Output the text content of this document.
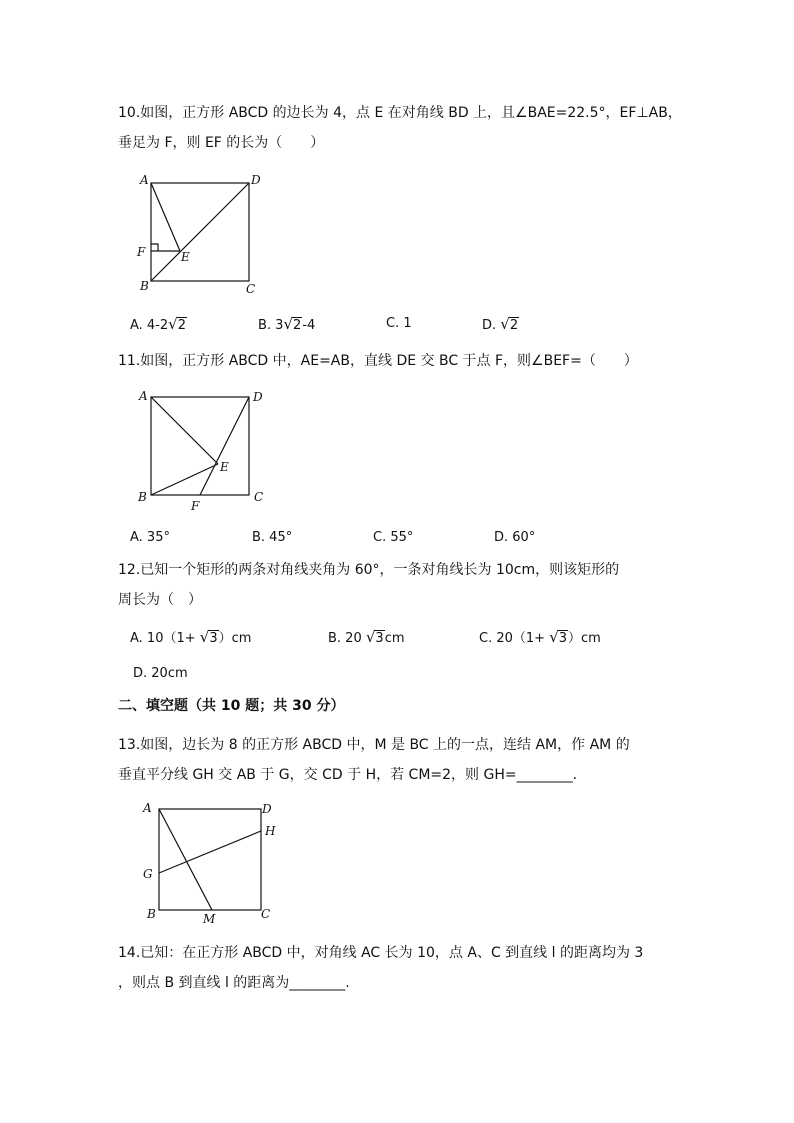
10.如图，正方形 ABCD 的边长为 4，点 E 在对角线 BD 上，且∠BAE=22.5°，EF⊥AB，
垂足为 F，则 EF 的长为（　　）
A	D
F	E
B	C
A. 4-2√2	B. 3√2-4	C. 1	D. √2
11.如图，正方形 ABCD 中，AE=AB，直线 DE 交 BC 于点 F，则∠BEF=（　　）
A	D
E
B	C
F
A. 35°	B. 45°	C. 55°	D. 60°
12.已知一个矩形的两条对角线夹角为 60°，一条对角线长为 10cm，则该矩形的
周长为（　）
A. 10（1+ √3）cm	B. 20 √3cm	C. 20（1+ √3）cm
D. 20cm
二、填空题（共 10 题；共 30 分）
13.如图，边长为 8 的正方形 ABCD 中，M 是 BC 上的一点，连结 AM，作 AM 的
垂直平分线 GH 交 AB 于 G，交 CD 于 H，若 CM=2，则 GH=________．
A	D
H
G
B	M	C
14.已知：在正方形 ABCD 中，对角线 AC 长为 10，点 A、C 到直线 l 的距离均为 3
，则点 B 到直线 l 的距离为________.
